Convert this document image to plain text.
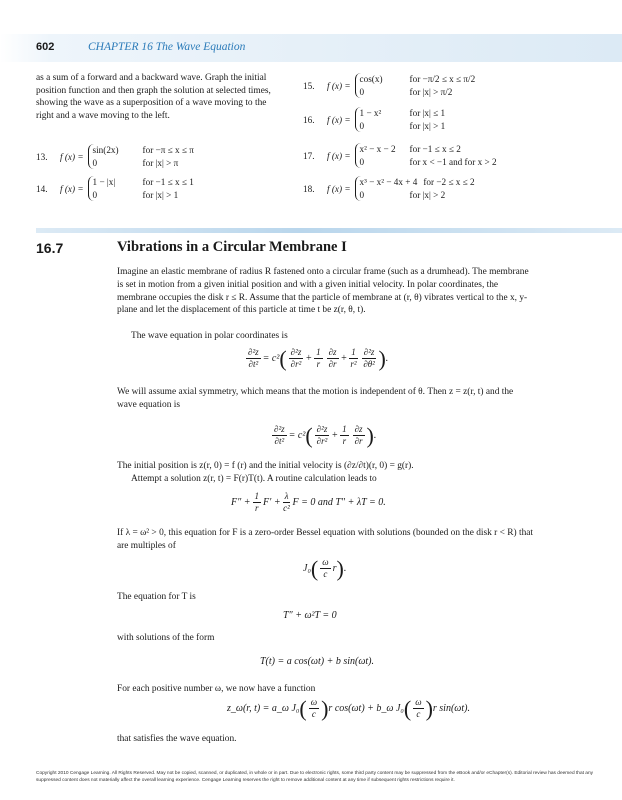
602	CHAPTER 16 The Wave Equation
as a sum of a forward and a backward wave. Graph the initial position function and then graph the solution at selected times, showing the wave as a superposition of a wave moving to the right and a wave moving to the left.
13.	f (x) =
sin(2x)	for −π ≤ x ≤ π
0	for |x| > π
14.	f (x) =
1 − |x|	for −1 ≤ x ≤ 1
0	for |x| > 1
15.	f (x) =
cos(x)	for −π/2 ≤ x ≤ π/2
0	for |x| > π/2
16.	f (x) =
1 − x²	for |x| ≤ 1
0	for |x| > 1
17.	f (x) =
x² − x − 2	for −1 ≤ x ≤ 2
0	for x < −1 and for x > 2
18.	f (x) =
x³ − x² − 4x + 4 for −2 ≤ x ≤ 2
0	for |x| > 2
16.7	Vibrations in a Circular Membrane I
Imagine an elastic membrane of radius R fastened onto a circular frame (such as a drumhead). The membrane is set in motion from a given initial position and with a given initial velocity. In polar coordinates, the membrane occupies the disk r ≤ R. Assume that the particle of membrane at (r, θ) vibrates vertical to the x, y-plane and let the displacement of this particle at time t be z(r, θ, t).
The wave equation in polar coordinates is
$\frac{\text{∂²z}}{\text{∂t²}} = c^2$ ( $\frac{\text{∂²z}}{\text{∂r²}} + \frac{1}{r} \frac{\partial z}{\partial r} + \frac{1}{\text{r²}} \frac{\text{∂²z}}{\text{∂θ²}}$ ) .
We will assume axial symmetry, which means that the motion is independent of θ. Then z = z(r, t) and the wave equation is
$\frac{\text{∂²z}}{\text{∂t²}} = c^2$ ( $\frac{\text{∂²z}}{\text{∂r²}} + \frac{1}{r} \frac{\partial z}{\partial r}$ ) .
The initial position is z(r, 0) = f (r) and the initial velocity is (∂z/∂t)(r, 0) = g(r).
Attempt a solution z(r, t) = F(r)T(t). A routine calculation leads to
$F'' + \frac{1}{r} F' + \frac{\lambda}{\text{c²}}$ F = 0 and T″ + λT = 0.
If λ = ω² > 0, this equation for F is a zero-order Bessel equation with solutions (bounded on the disk r < R) that are multiples of
J₀ ( $\frac{\omega}{c}$ r ) .
The equation for T is
T″ + ω²T = 0
with solutions of the form
T(t) = a cos(ωt) + b sin(ωt).
For each positive number ω, we now have a function
z_ω(r, t) = a_ω J₀ ( $\frac{\omega}{c}$ ) r cos(ωt) + b_ω J₀ ( $\frac{\omega}{c}$ ) r sin(ωt).
that satisfies the wave equation.
Copyright 2010 Cengage Learning. All Rights Reserved. May not be copied, scanned, or duplicated, in whole or in part. Due to electronic rights, some third party content may be suppressed from the eBook and/or eChapter(s). Editorial review has deemed that any suppressed content does not materially affect the overall learning experience. Cengage Learning reserves the right to remove additional content at any time if subsequent rights restrictions require it.
